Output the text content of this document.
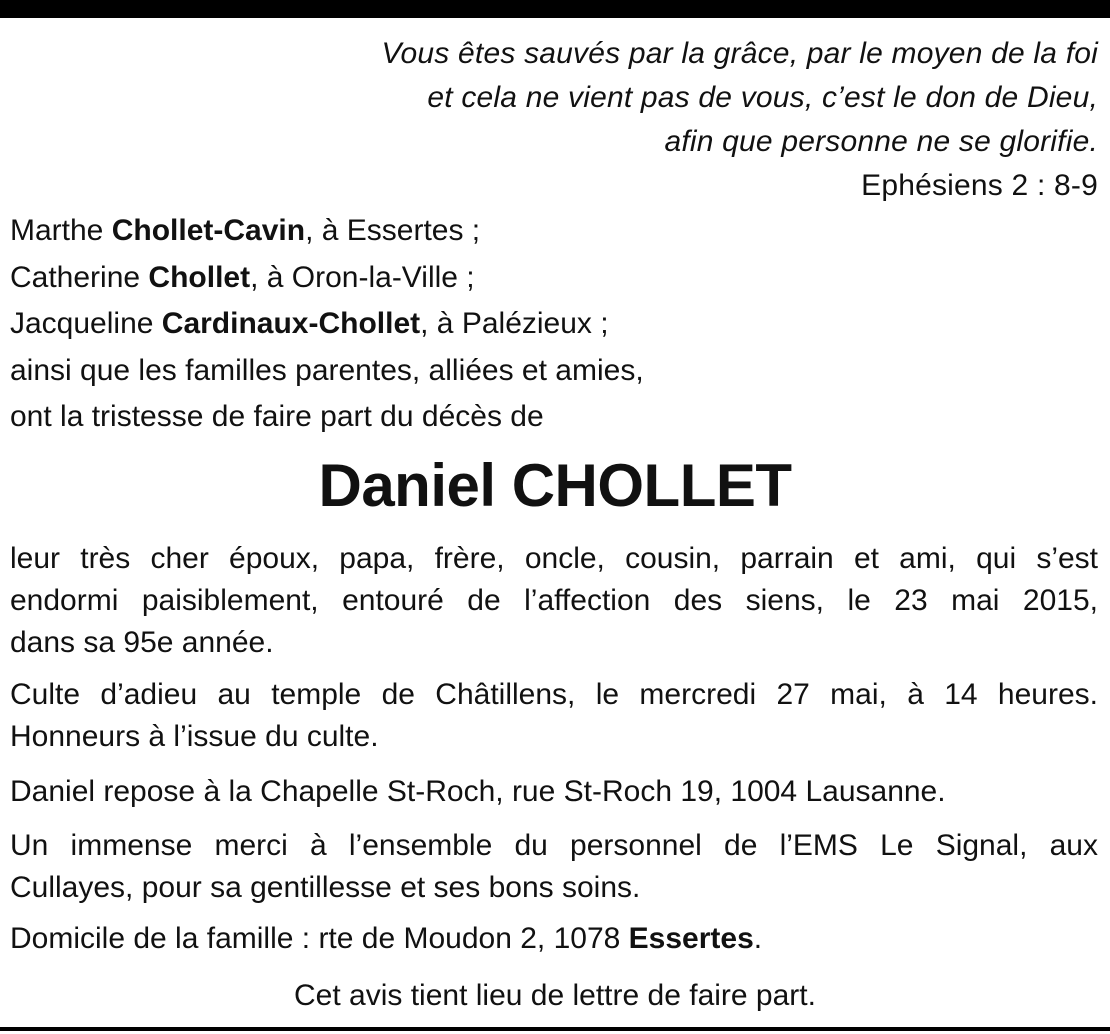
Vous êtes sauvés par la grâce, par le moyen de la foi
et cela ne vient pas de vous, c’est le don de Dieu,
afin que personne ne se glorifie.
Ephésiens 2 : 8-9
Marthe Chollet-Cavin, à Essertes ;
Catherine Chollet, à Oron-la-Ville ;
Jacqueline Cardinaux-Chollet, à Palézieux ;
ainsi que les familles parentes, alliées et amies,
ont la tristesse de faire part du décès de
Daniel CHOLLET
leur très cher époux, papa, frère, oncle, cousin, parrain et ami, qui s’est
endormi paisiblement, entouré de l’affection des siens, le 23 mai 2015,
dans sa 95e année.
Culte d’adieu au temple de Châtillens, le mercredi 27 mai, à 14 heures.
Honneurs à l’issue du culte.
Daniel repose à la Chapelle St-Roch, rue St-Roch 19, 1004 Lausanne.
Un immense merci à l’ensemble du personnel de l’EMS Le Signal, aux
Cullayes, pour sa gentillesse et ses bons soins.
Domicile de la famille : rte de Moudon 2, 1078 Essertes.
Cet avis tient lieu de lettre de faire part.
